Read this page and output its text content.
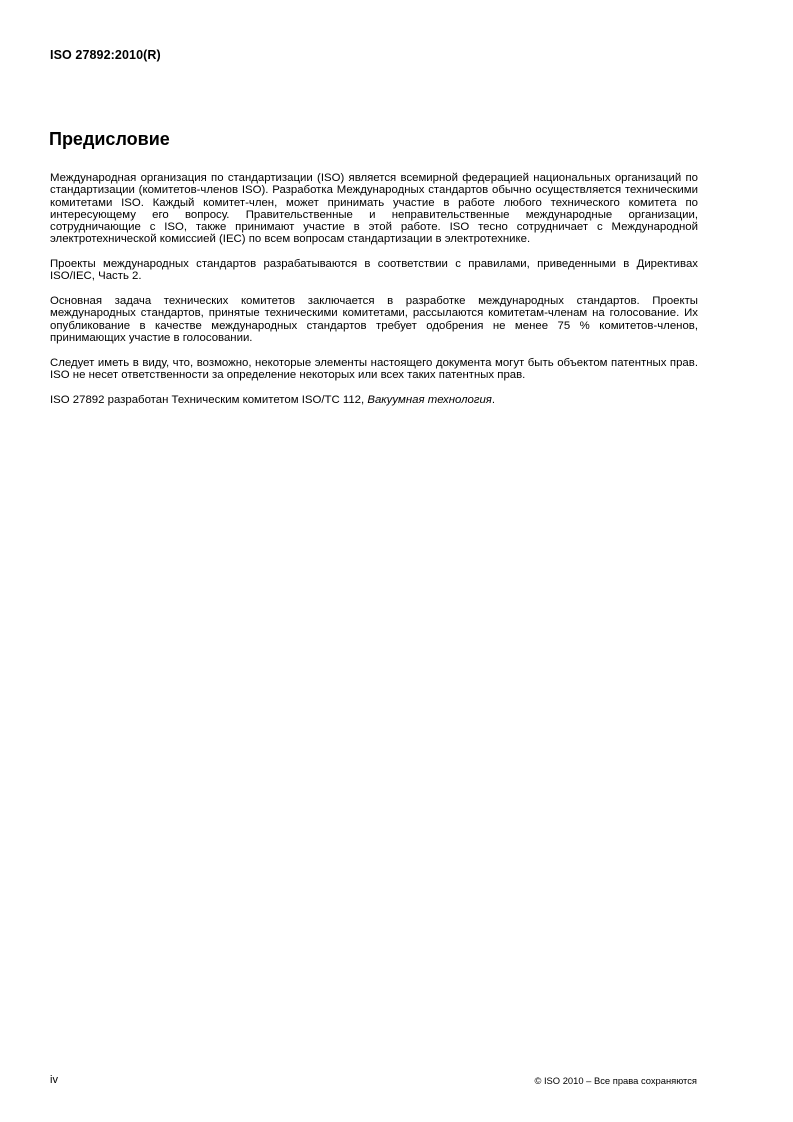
ISO 27892:2010(R)
Предисловие

Международная организация по стандартизации (ISO) является всемирной федерацией национальных организаций по стандартизации (комитетов-членов ISO). Разработка Международных стандартов обычно осуществляется техническими комитетами ISO. Каждый комитет-член, может принимать участие в работе любого технического комитета по интересующему его вопросу. Правительственные и неправительственные международные организации, сотрудничающие с ISO, также принимают участие в этой работе. ISO тесно сотрудничает с Международной электротехнической комиссией (IEC) по всем вопросам стандартизации в электротехнике.

Проекты международных стандартов разрабатываются в соответствии с правилами, приведенными в Директивах ISO/IEC, Часть 2.

Основная задача технических комитетов заключается в разработке международных стандартов. Проекты международных стандартов, принятые техническими комитетами, рассылаются комитетам-членам на голосование. Их опубликование в качестве международных стандартов требует одобрения не менее 75 % комитетов-членов, принимающих участие в голосовании.

Следует иметь в виду, что, возможно, некоторые элементы настоящего документа могут быть объектом патентных прав. ISO не несет ответственности за определение некоторых или всех таких патентных прав.

ISO 27892 разработан Техническим комитетом ISO/TC 112, Вакуумная технология.

iv	© ISO 2010 – Все права сохраняются
